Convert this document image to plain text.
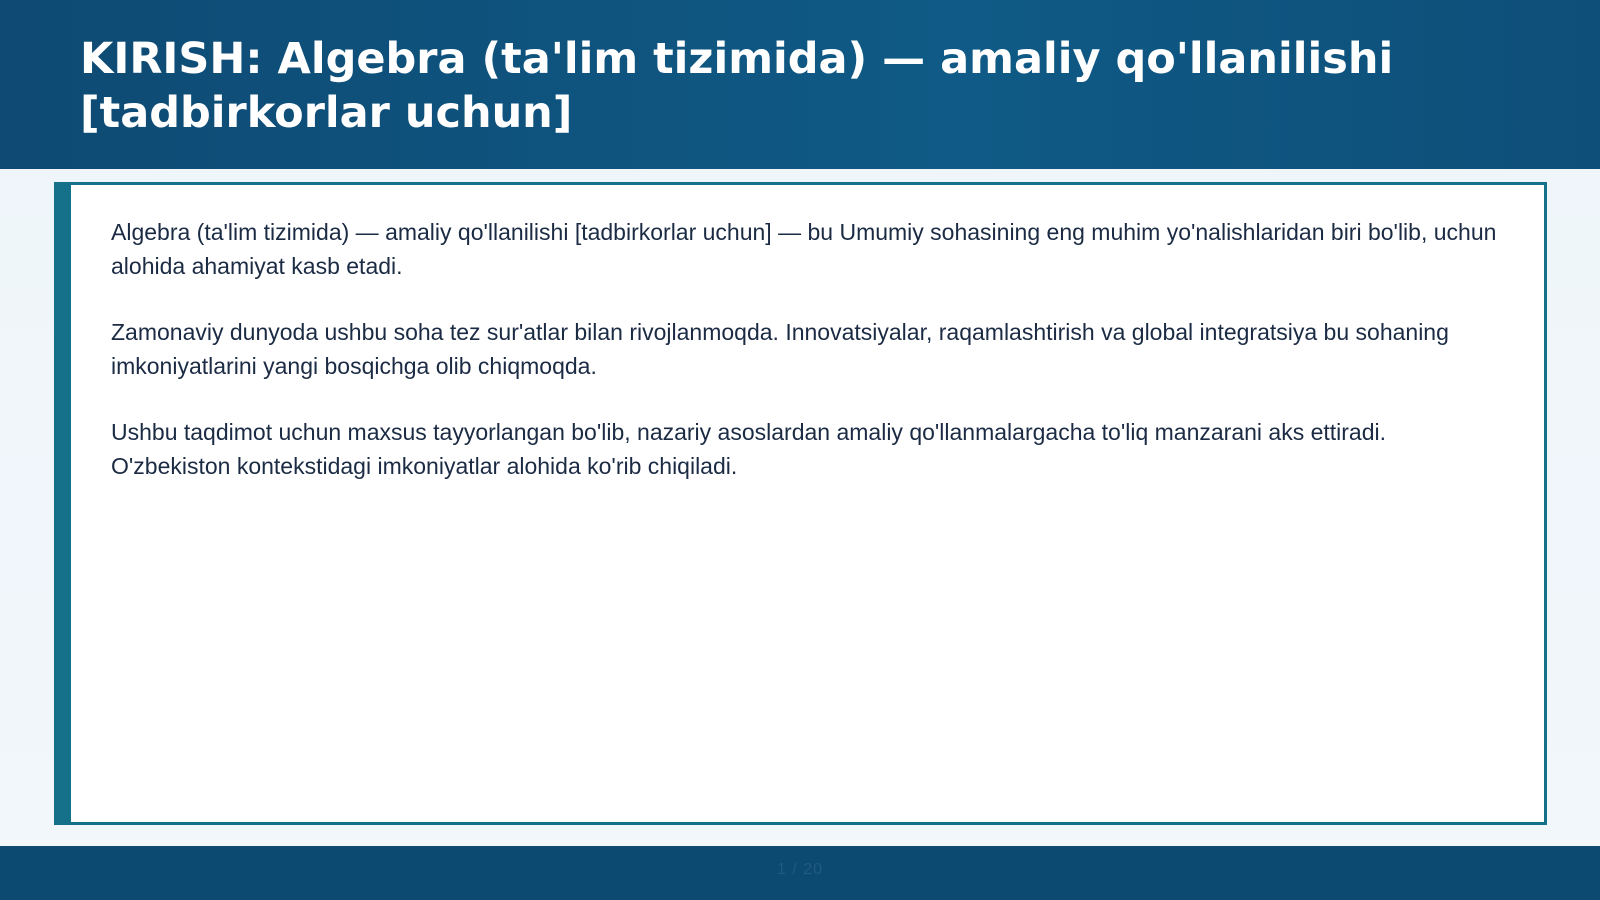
KIRISH: Algebra (ta'lim tizimida) — amaliy qo'llanilishi [tadbirkorlar uchun]

Algebra (ta'lim tizimida) — amaliy qo'llanilishi [tadbirkorlar uchun] — bu Umumiy sohasining eng muhim yo'nalishlaridan biri bo'lib, uchun alohida ahamiyat kasb etadi.

Zamonaviy dunyoda ushbu soha tez sur'atlar bilan rivojlanmoqda. Innovatsiyalar, raqamlashtirish va global integratsiya bu sohaning imkoniyatlarini yangi bosqichga olib chiqmoqda.

Ushbu taqdimot uchun maxsus tayyorlangan bo'lib, nazariy asoslardan amaliy qo'llanmalargacha to'liq manzarani aks ettiradi. O'zbekiston kontekstidagi imkoniyatlar alohida ko'rib chiqiladi.

1 / 20
